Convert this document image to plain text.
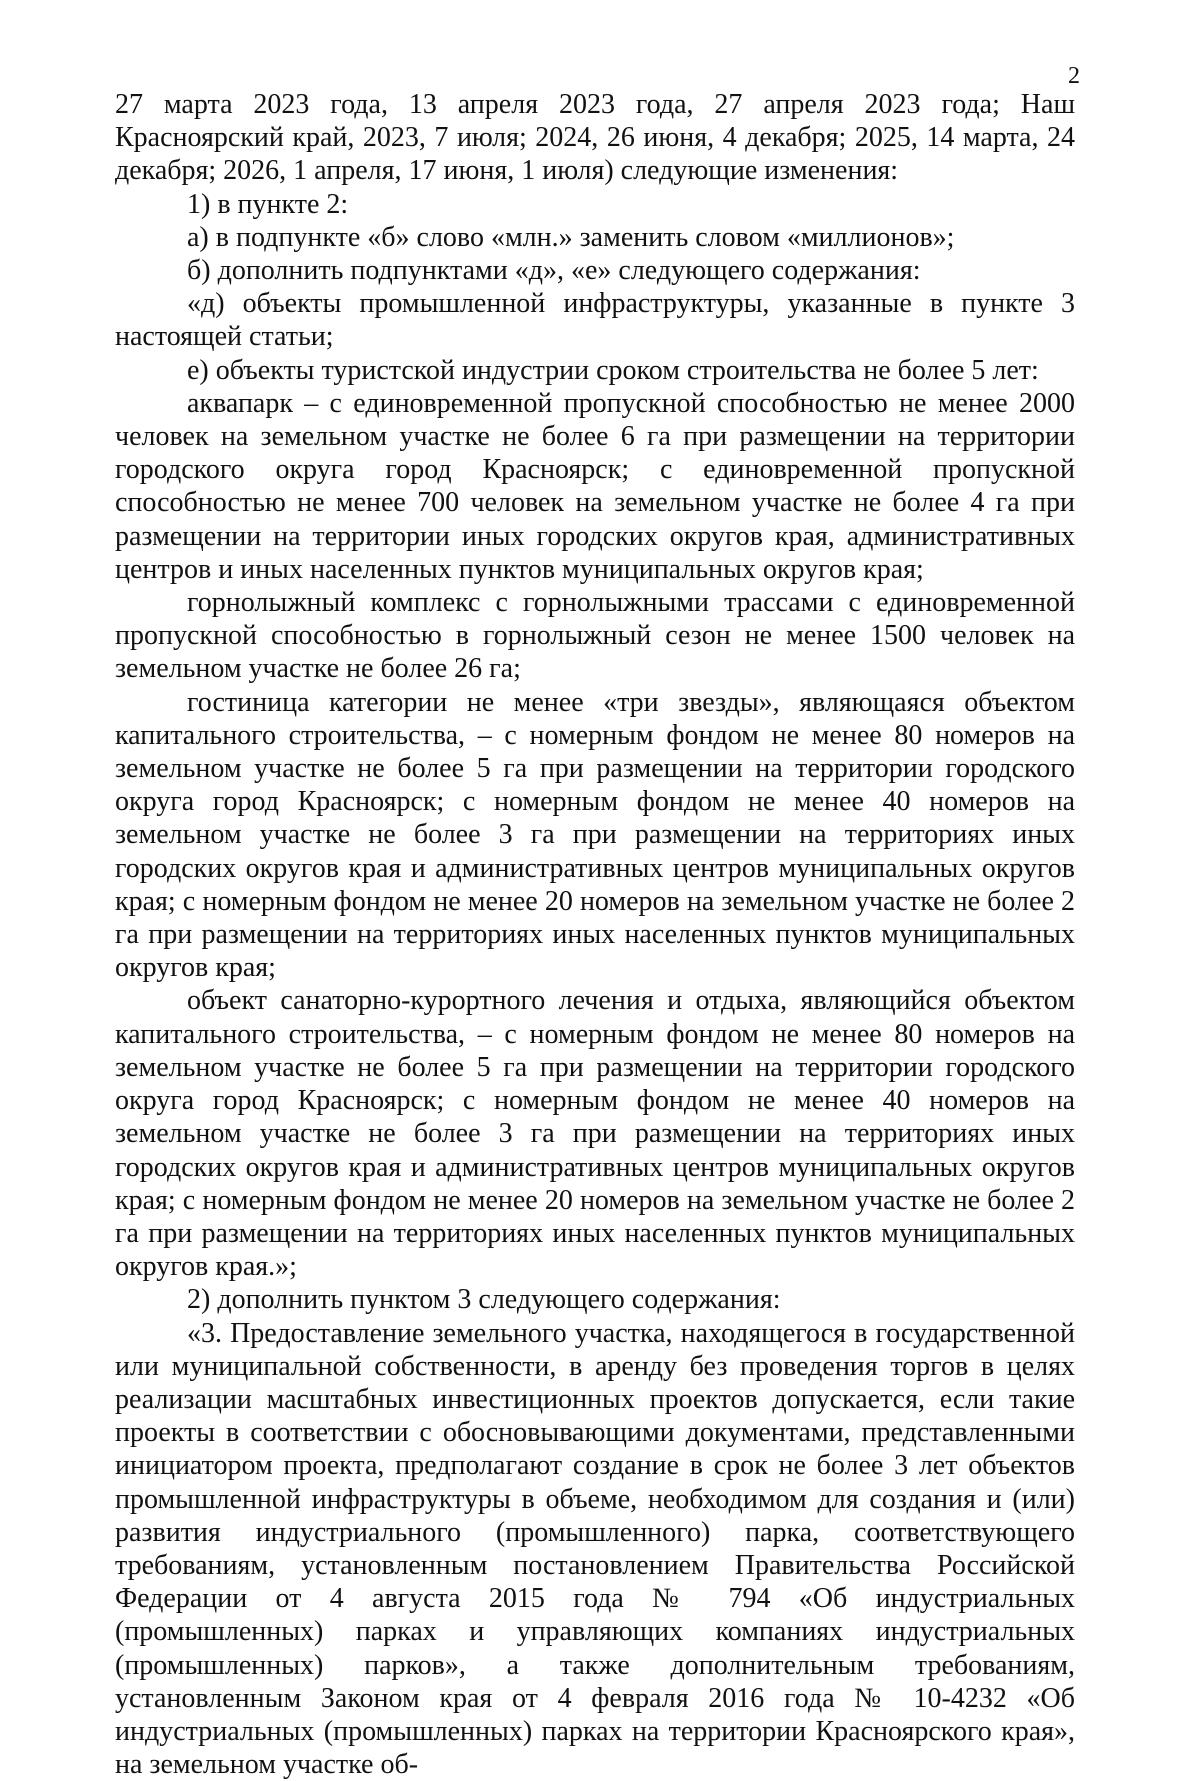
2

27 марта 2023 года, 13 апреля 2023 года, 27 апреля 2023 года; Наш Красноярский край, 2023, 7 июля; 2024, 26 июня, 4 декабря; 2025, 14 марта, 24 декабря; 2026, 1 апреля, 17 июня, 1 июля) следующие изменения:

1) в пункте 2:

а) в подпункте «б» слово «млн.» заменить словом «миллионов»;

б) дополнить подпунктами «д», «е» следующего содержания:

«д) объекты промышленной инфраструктуры, указанные в пункте 3 настоящей статьи;

е) объекты туристской индустрии сроком строительства не более 5 лет:

аквапарк – с единовременной пропускной способностью не менее 2000 человек на земельном участке не более 6 га при размещении на территории городского округа город Красноярск; с единовременной пропускной способностью не менее 700 человек на земельном участке не более 4 га при размещении на территории иных городских округов края, административных центров и иных населенных пунктов муниципальных округов края;

горнолыжный комплекс с горнолыжными трассами с единовременной пропускной способностью в горнолыжный сезон не менее 1500 человек на земельном участке не более 26 га;

гостиница категории не менее «три звезды», являющаяся объектом капитального строительства, – с номерным фондом не менее 80 номеров на земельном участке не более 5 га при размещении на территории городского округа город Красноярск; с номерным фондом не менее 40 номеров на земельном участке не более 3 га при размещении на территориях иных городских округов края и административных центров муниципальных округов края; с номерным фондом не менее 20 номеров на земельном участке не более 2 га при размещении на территориях иных населенных пунктов муниципальных округов края;

объект санаторно-курортного лечения и отдыха, являющийся объектом капитального строительства, – с номерным фондом не менее 80 номеров на земельном участке не более 5 га при размещении на территории городского округа город Красноярск; с номерным фондом не менее 40 номеров на земельном участке не более 3 га при размещении на территориях иных городских округов края и административных центров муниципальных округов края; с номерным фондом не менее 20 номеров на земельном участке не более 2 га при размещении на территориях иных населенных пунктов муниципальных округов края.»;

2) дополнить пунктом 3 следующего содержания:

«3. Предоставление земельного участка, находящегося в государственной или муниципальной собственности, в аренду без проведения торгов в целях реализации масштабных инвестиционных проектов допускается, если такие проекты в соответствии с обосновывающими документами, представленными инициатором проекта, предполагают создание в срок не более 3 лет объектов промышленной инфраструктуры в объеме, необходимом для создания и (или) развития индустриального (промышленного) парка, соответствующего требованиям, установленным постановлением Правительства Российской Федерации от 4 августа 2015 года № 794 «Об индустриальных (промышленных) парках и управляющих компаниях индустриальных (промышленных) парков», а также дополнительным требованиям, установленным Законом края от 4 февраля 2016 года № 10-4232 «Об индустриальных (промышленных) парках на территории Красноярского края», на земельном участке об-
